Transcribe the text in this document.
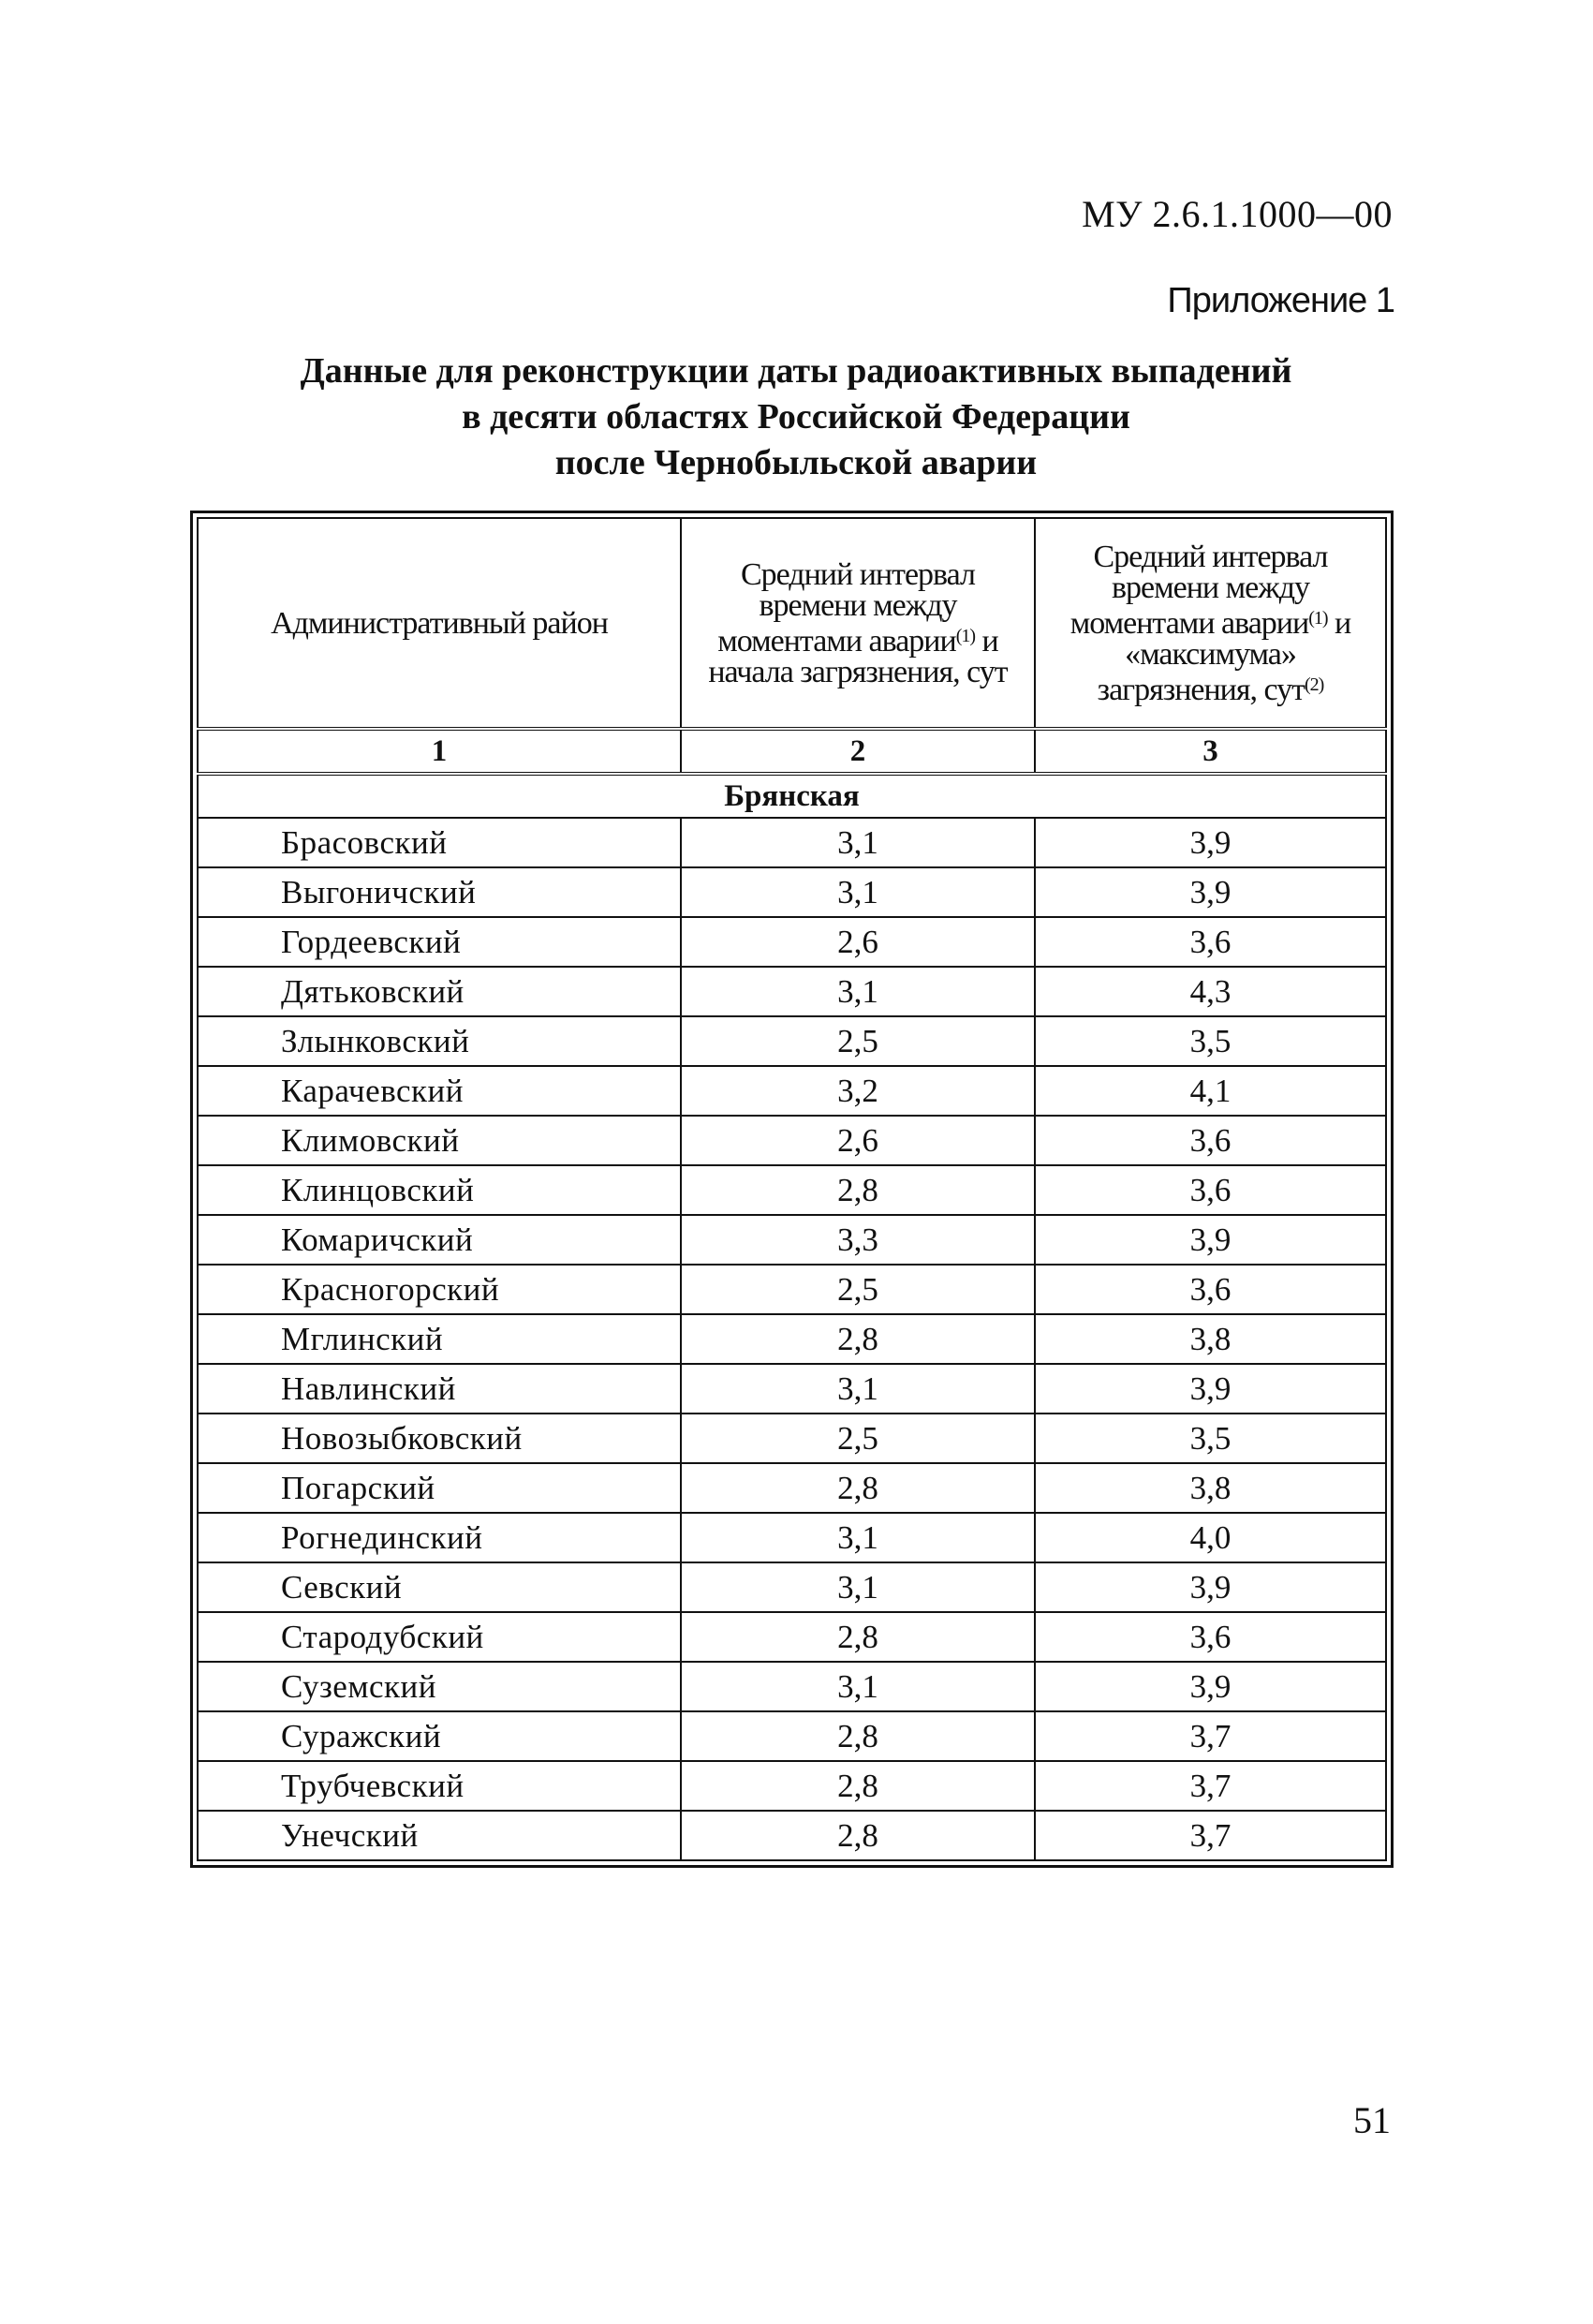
МУ 2.6.1.1000—00
Приложение 1
Данные для реконструкции даты радиоактивных выпадений
в десяти областях Российской Федерации
после Чернобыльской аварии
Административный район	Средний интервал времени между моментами аварии$^{(1)}$ и начала загрязнения, сут	Средний интервал времени между моментами аварии$^{(1)}$ и «максимума» загрязнения, сут$^{(2)}$
1	2	3
Брянская		
Брасовский	3,1	3,9
Выгоничский	3,1	3,9
Гордеевский	2,6	3,6
Дятьковский	3,1	4,3
Злынковский	2,5	3,5
Карачевский	3,2	4,1
Климовский	2,6	3,6
Клинцовский	2,8	3,6
Комаричский	3,3	3,9
Красногорский	2,5	3,6
Мглинский	2,8	3,8
Навлинский	3,1	3,9
Новозыбковский	2,5	3,5
Погарский	2,8	3,8
Рогнединский	3,1	4,0
Севский	3,1	3,9
Стародубский	2,8	3,6
Суземский	3,1	3,9
Суражский	2,8	3,7
Трубчевский	2,8	3,7
Унечский	2,8	3,7
51
